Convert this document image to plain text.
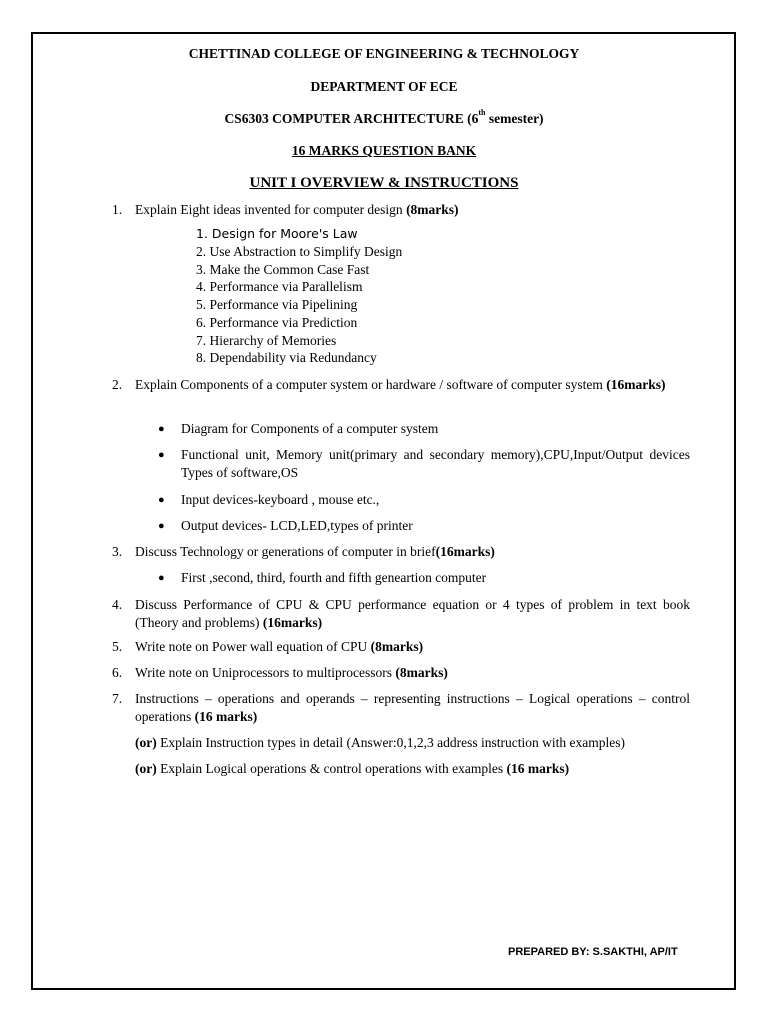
CHETTINAD COLLEGE OF ENGINEERING & TECHNOLOGY
DEPARTMENT OF ECE
CS6303 COMPUTER ARCHITECTURE (6th semester)
16 MARKS QUESTION BANK
UNIT I OVERVIEW & INSTRUCTIONS
1. Explain Eight ideas invented for computer design (8marks)
1. Design for Moore's Law
2. Use Abstraction to Simplify Design
3. Make the Common Case Fast
4. Performance via Parallelism
5. Performance via Pipelining
6. Performance via Prediction
7. Hierarchy of Memories
8. Dependability via Redundancy
2. Explain Components of a computer system or hardware / software of computer system (16marks)
● Diagram for Components of a computer system
● Functional unit, Memory unit(primary and secondary memory),CPU,Input/Output devices Types of software,OS
● Input devices-keyboard , mouse etc.,
● Output devices- LCD,LED,types of printer
3. Discuss Technology or generations of computer in brief(16marks)
● First ,second, third, fourth and fifth geneartion computer
4. Discuss Performance of CPU & CPU performance equation or 4 types of problem in text book (Theory and problems) (16marks)
5. Write note on Power wall equation of CPU (8marks)
6. Write note on Uniprocessors to multiprocessors (8marks)
7. Instructions – operations and operands – representing instructions – Logical operations – control operations (16 marks)
(or) Explain Instruction types in detail (Answer:0,1,2,3 address instruction with examples)
(or) Explain Logical operations & control operations with examples (16 marks)
PREPARED BY: S.SAKTHI, AP/IT
